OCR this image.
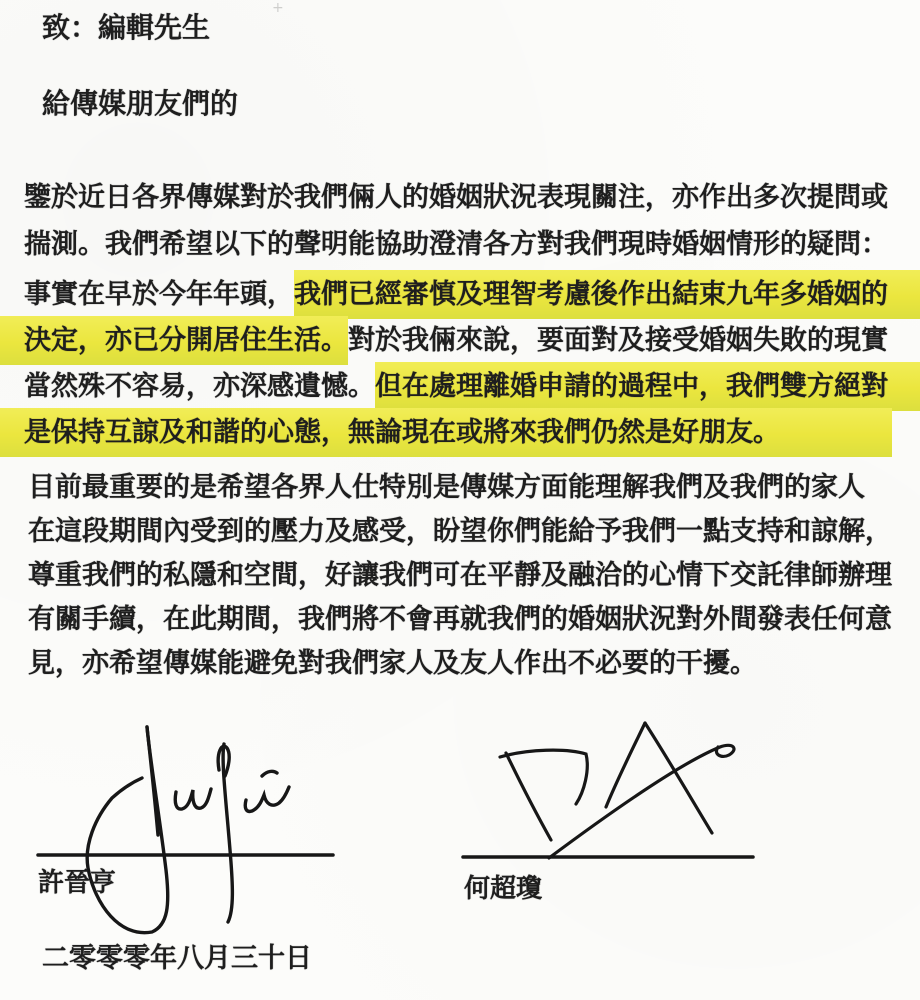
+
致：編輯先生
給傳媒朋友們的
鑒於近日各界傳媒對於我們倆人的婚姻狀況表現關注，亦作出多次提問或
揣測。我們希望以下的聲明能協助澄清各方對我們現時婚姻情形的疑問：
事實在早於今年年頭，我們已經審慎及理智考慮後作出結束九年多婚姻的
決定，亦已分開居住生活。對於我倆來說，要面對及接受婚姻失敗的現實
當然殊不容易，亦深感遺憾。但在處理離婚申請的過程中，我們雙方絕對
是保持互諒及和諧的心態，無論現在或將來我們仍然是好朋友。
目前最重要的是希望各界人仕特別是傳媒方面能理解我們及我們的家人
在這段期間內受到的壓力及感受，盼望你們能給予我們一點支持和諒解，
尊重我們的私隱和空間，好讓我們可在平靜及融洽的心情下交託律師辦理
有關手續，在此期間，我們將不會再就我們的婚姻狀況對外間發表任何意
見，亦希望傳媒能避免對我們家人及友人作出不必要的干擾。
許晉亨	何超瓊
二零零零年八月三十日
